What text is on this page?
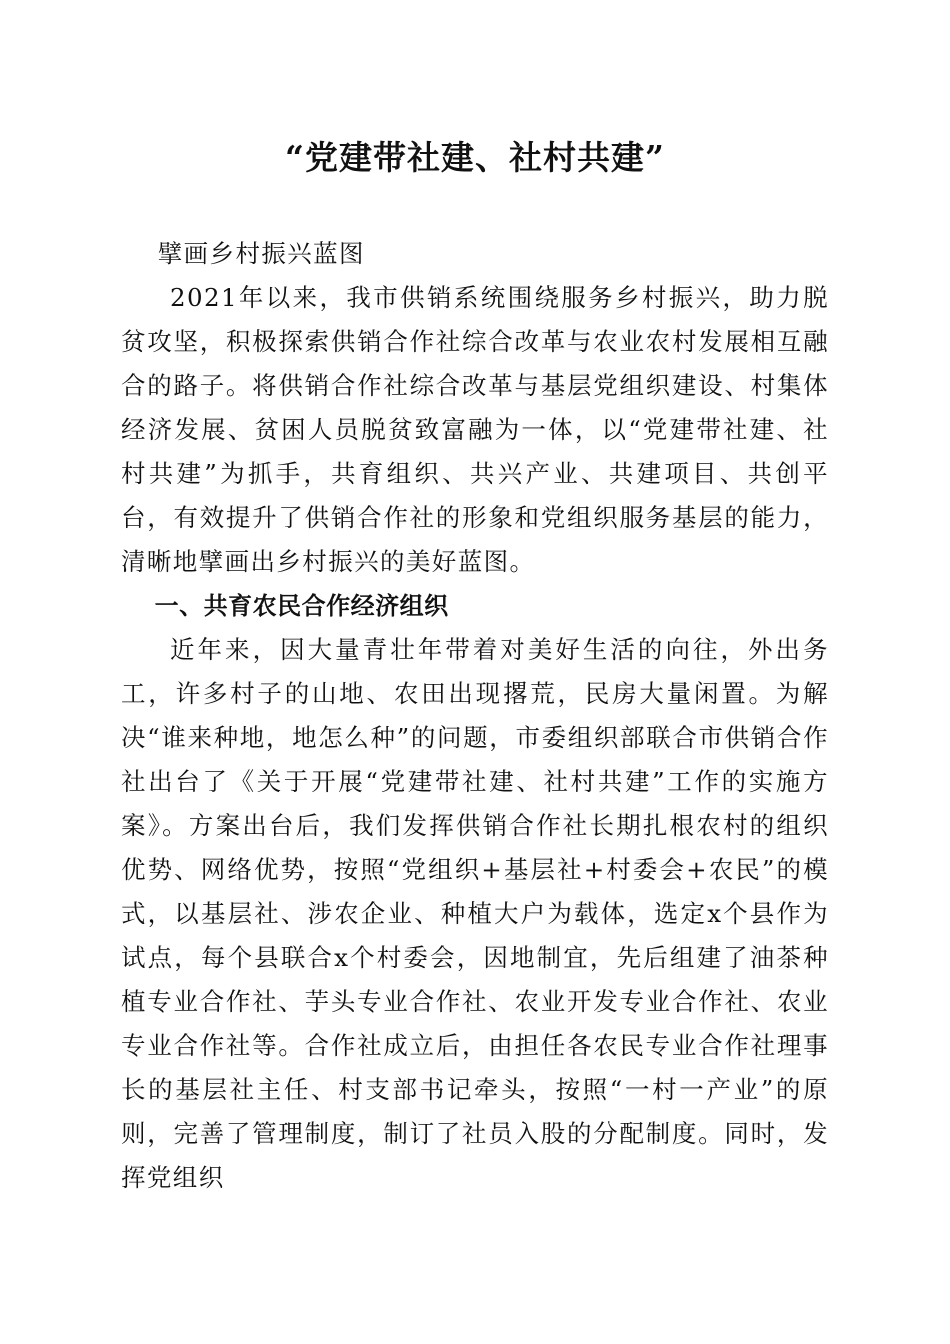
“党建带社建、社村共建”

擘画乡村振兴蓝图

2021年以来，我市供销系统围绕服务乡村振兴，助力脱贫攻坚，积极探索供销合作社综合改革与农业农村发展相互融合的路子。将供销合作社综合改革与基层党组织建设、村集体经济发展、贫困人员脱贫致富融为一体，以“党建带社建、社村共建”为抓手，共育组织、共兴产业、共建项目、共创平台，有效提升了供销合作社的形象和党组织服务基层的能力，清晰地擘画出乡村振兴的美好蓝图。

一、共育农民合作经济组织

近年来，因大量青壮年带着对美好生活的向往，外出务工，许多村子的山地、农田出现撂荒，民房大量闲置。为解决“谁来种地，地怎么种”的问题，市委组织部联合市供销合作社出台了《关于开展“党建带社建、社村共建”工作的实施方案》。方案出台后，我们发挥供销合作社长期扎根农村的组织优势、网络优势，按照“党组织+基层社+村委会+农民”的模式，以基层社、涉农企业、种植大户为载体，选定x个县作为试点，每个县联合x个村委会，因地制宜，先后组建了油茶种植专业合作社、芋头专业合作社、农业开发专业合作社、农业专业合作社等。合作社成立后，由担任各农民专业合作社理事长的基层社主任、村支部书记牵头，按照“一村一产业”的原则，完善了管理制度，制订了社员入股的分配制度。同时，发挥党组织
